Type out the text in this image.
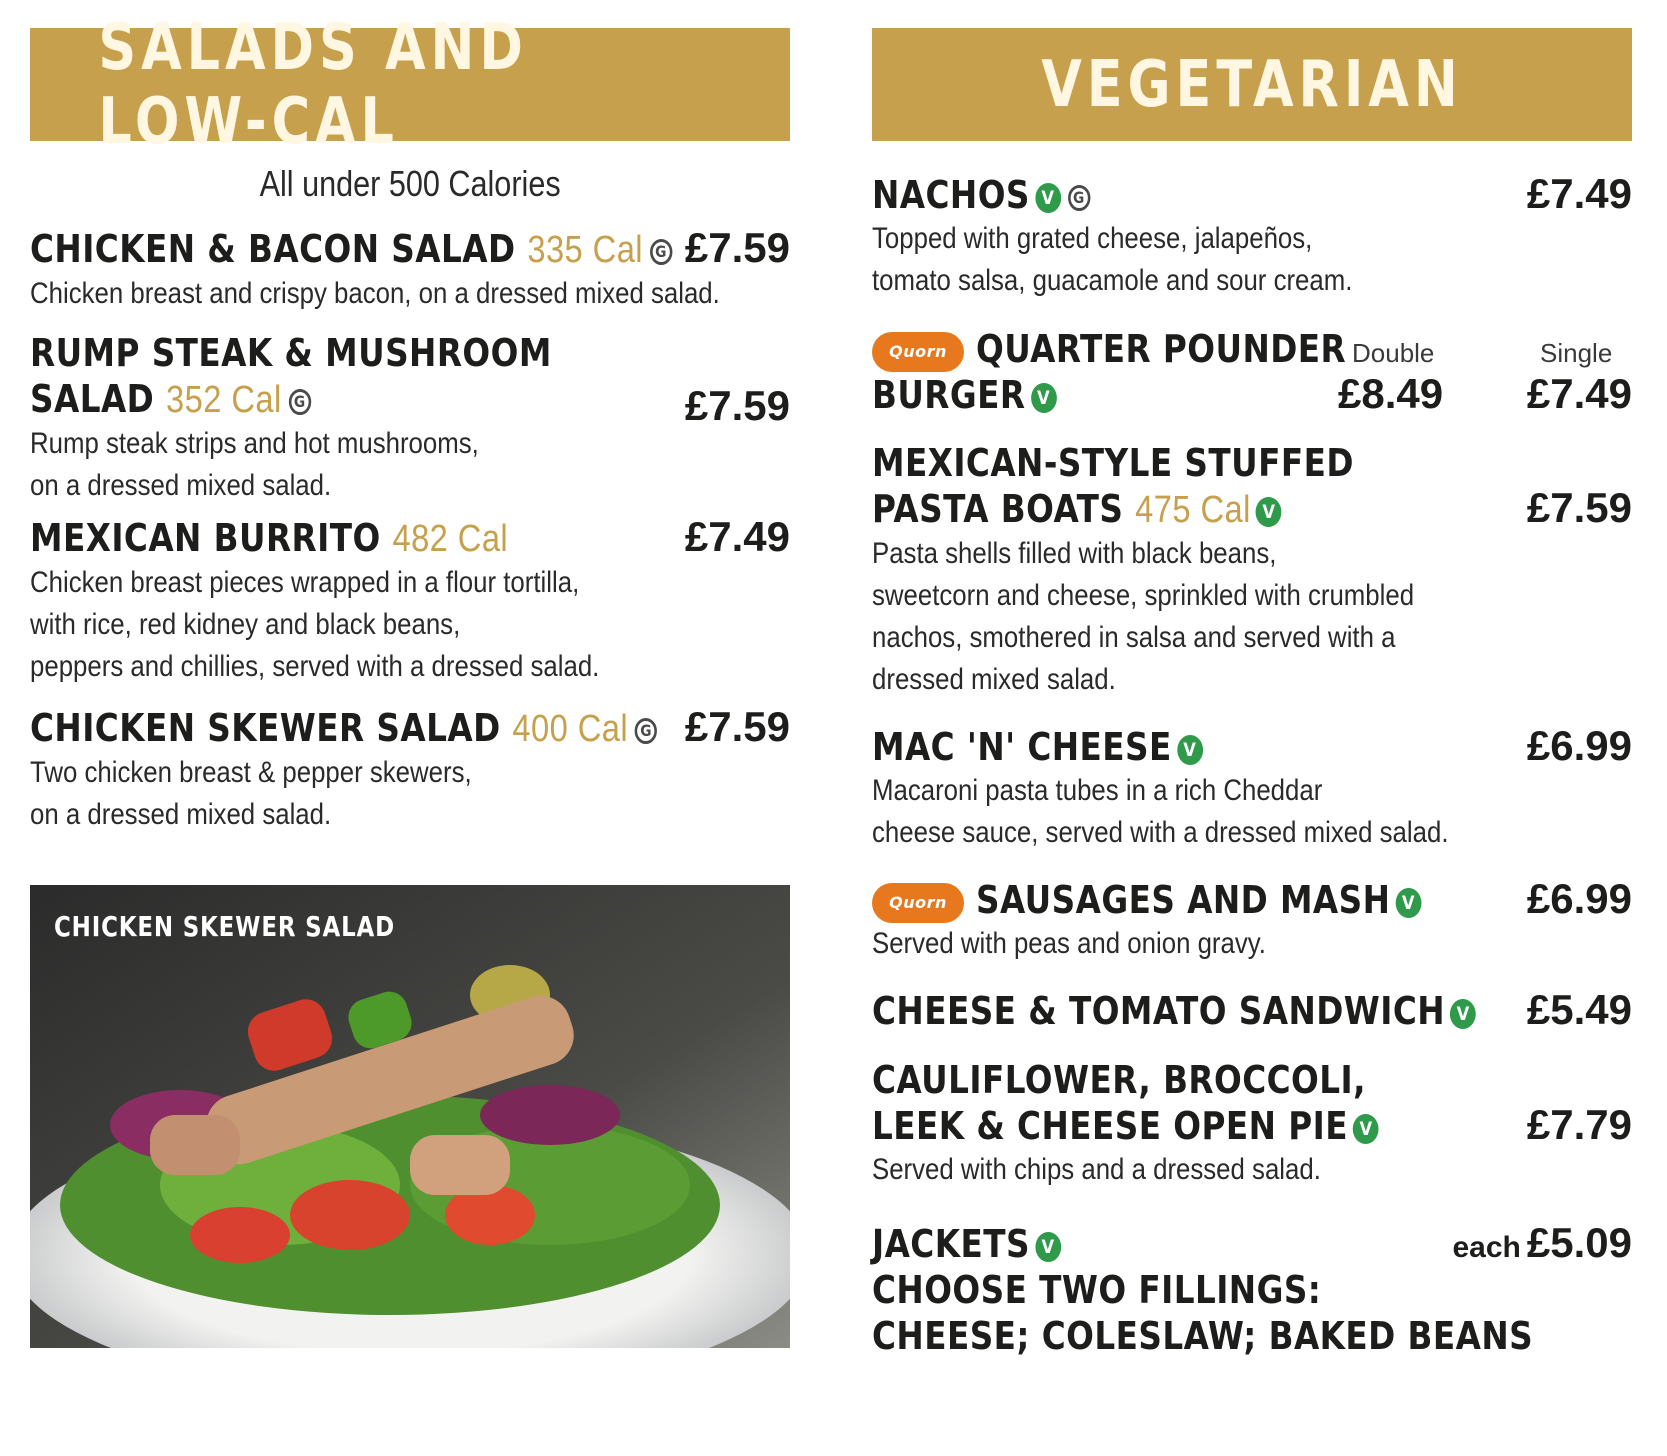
SALADS AND LOW-CAL
All under 500 Calories
CHICKEN & BACON SALAD 335 Cal G £7.59
Chicken breast and crispy bacon, on a dressed mixed salad.
RUMP STEAK & MUSHROOM
SALAD 352 Cal G	£7.59
Rump steak strips and hot mushrooms,
on a dressed mixed salad.
MEXICAN BURRITO 482 Cal	£7.49
Chicken breast pieces wrapped in a flour tortilla,
with rice, red kidney and black beans,
peppers and chillies, served with a dressed salad.
CHICKEN SKEWER SALAD 400 Cal G £7.59
Two chicken breast & pepper skewers,
on a dressed mixed salad.
CHICKEN SKEWER SALAD
VEGETARIAN
NACHOS V G	£7.49
Topped with grated cheese, jalapeños,
tomato salsa, guacamole and sour cream.
Quorn QUARTER POUNDER
BURGER V
Double	Single
£8.49 £7.49
MEXICAN-STYLE STUFFED
PASTA BOATS 475 Cal V	£7.59
Pasta shells filled with black beans,
sweetcorn and cheese, sprinkled with crumbled
nachos, smothered in salsa and served with a
dressed mixed salad.
MAC 'N' CHEESE V	£6.99
Macaroni pasta tubes in a rich Cheddar
cheese sauce, served with a dressed mixed salad.
Quorn SAUSAGES AND MASH V	£6.99
Served with peas and onion gravy.
CHEESE & TOMATO SANDWICH V	£5.49
CAULIFLOWER, BROCCOLI,
LEEK & CHEESE OPEN PIE V	£7.79
Served with chips and a dressed salad.
JACKETS V	each £5.09
CHOOSE TWO FILLINGS:
CHEESE; COLESLAW; BAKED BEANS
